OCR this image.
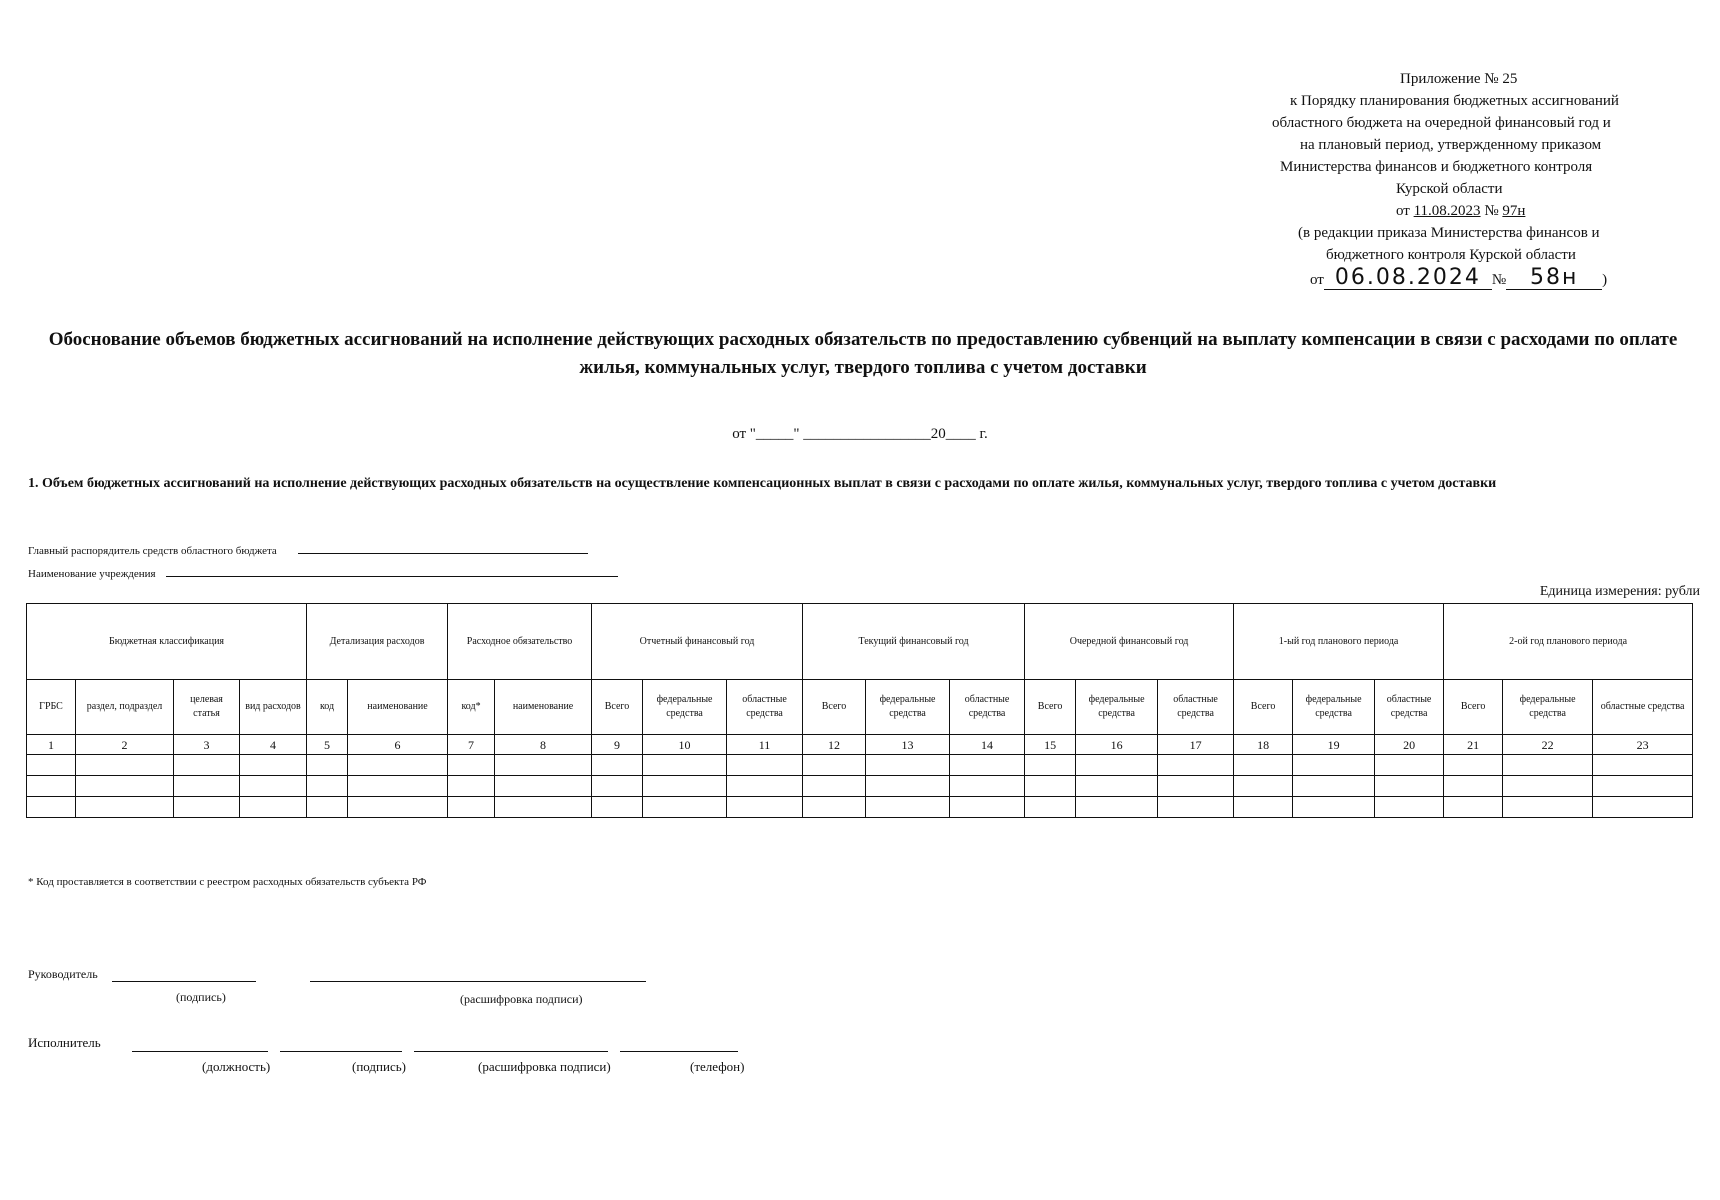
Приложение № 25
к Порядку планирования бюджетных ассигнований
областного бюджета на очередной финансовый год и
на плановый период, утвержденному приказом
Министерства финансов и бюджетного контроля
Курской области
от 11.08.2023 № 97н
(в редакции приказа Министерства финансов и
бюджетного контроля Курской области
от 06.08.2024 № 58н )
Обоснование объемов бюджетных ассигнований на исполнение действующих расходных обязательств по предоставлению субвенций на выплату компенсации в связи с расходами по оплате жилья, коммунальных услуг, твердого топлива с учетом доставки
от "_____" _________________20____ г.
1. Объем бюджетных ассигнований на исполнение действующих расходных обязательств на осуществление компенсационных выплат в связи с расходами по оплате жилья, коммунальных услуг, твердого топлива с учетом доставки
Главный распорядитель средств областного бюджета
Наименование учреждения
Единица измерения: рубли
Бюджетная классификация				Детализация расходов		Расходное обязательство		Отчетный финансовый год			Текущий финансовый год			Очередной финансовый год			1-ый год планового периода			2-ой год планового периода		
ГРБС	раздел, подраздел	целевая статья	вид расходов	код	наименование	код*	наименование	Всего	федеральные средства	областные средства	Всего	федеральные средства	областные средства	Всего	федеральные средства	областные средства	Всего	федеральные средства	областные средства	Всего	федеральные средства	областные средства
1	2	3	4	5	6	7	8	9	10	11	12	13	14	15	16	17	18	19	20	21	22	23

* Код проставляется в соответствии с реестром расходных обязательств субъекта РФ
Руководитель
(подпись)	(расшифровка подписи)
Исполнитель
(должность)	(подпись)	(расшифровка подписи)	(телефон)
